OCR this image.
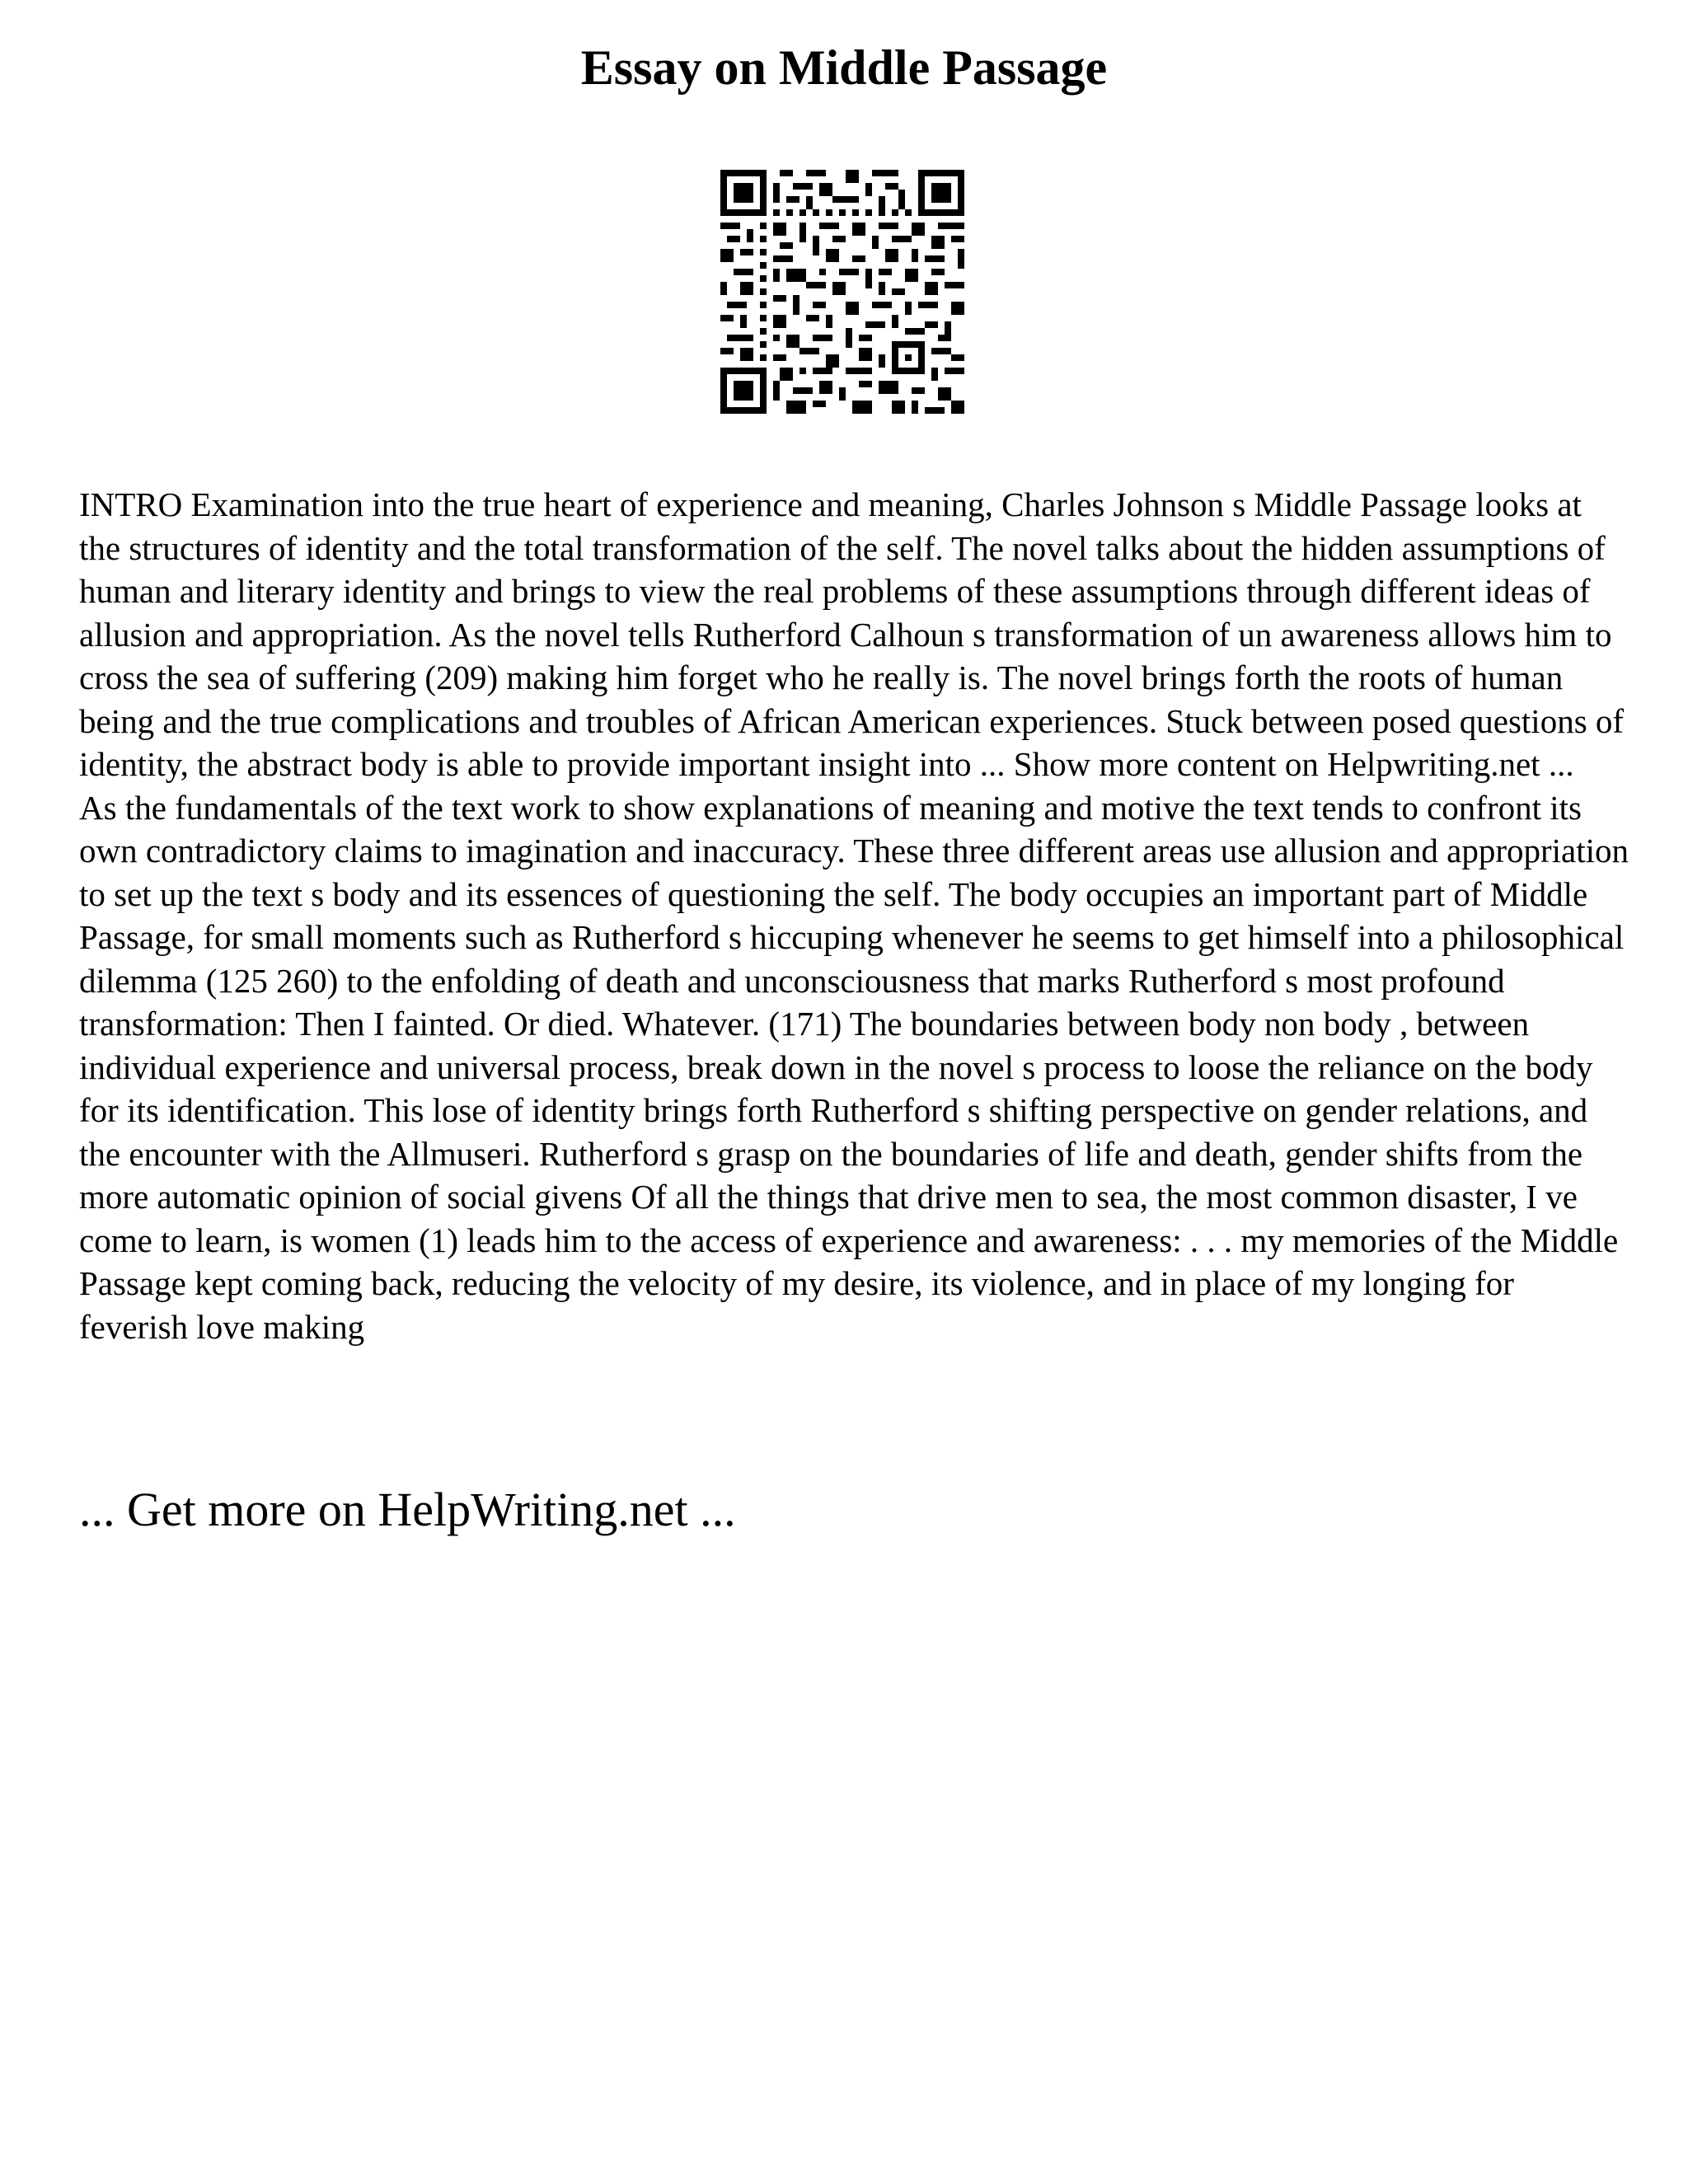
Essay on Middle Passage

INTRO Examination into the true heart of experience and meaning, Charles Johnson s Middle Passage looks at the structures of identity and the total transformation of the self. The novel talks about the hidden assumptions of human and literary identity and brings to view the real problems of these assumptions through different ideas of allusion and appropriation. As the novel tells Rutherford Calhoun s transformation of un awareness allows him to cross the sea of suffering (209) making him forget who he really is. The novel brings forth the roots of human being and the true complications and troubles of African American experiences. Stuck between posed questions of identity, the abstract body is able to provide important insight into ... Show more content on Helpwriting.net ...

As the fundamentals of the text work to show explanations of meaning and motive the text tends to confront its own contradictory claims to imagination and inaccuracy. These three different areas use allusion and appropriation to set up the text s body and its essences of questioning the self. The body occupies an important part of Middle Passage, for small moments such as Rutherford s hiccuping whenever he seems to get himself into a philosophical dilemma (125 260) to the enfolding of death and unconsciousness that marks Rutherford s most profound transformation: Then I fainted. Or died. Whatever. (171) The boundaries between body non body , between individual experience and universal process, break down in the novel s process to loose the reliance on the body for its identification. This lose of identity brings forth Rutherford s shifting perspective on gender relations, and the encounter with the Allmuseri. Rutherford s grasp on the boundaries of life and death, gender shifts from the more automatic opinion of social givens Of all the things that drive men to sea, the most common disaster, I ve come to learn, is women (1) leads him to the access of experience and awareness: . . . my memories of the Middle Passage kept coming back, reducing the velocity of my desire, its violence, and in place of my longing for feverish love making

... Get more on HelpWriting.net ...
